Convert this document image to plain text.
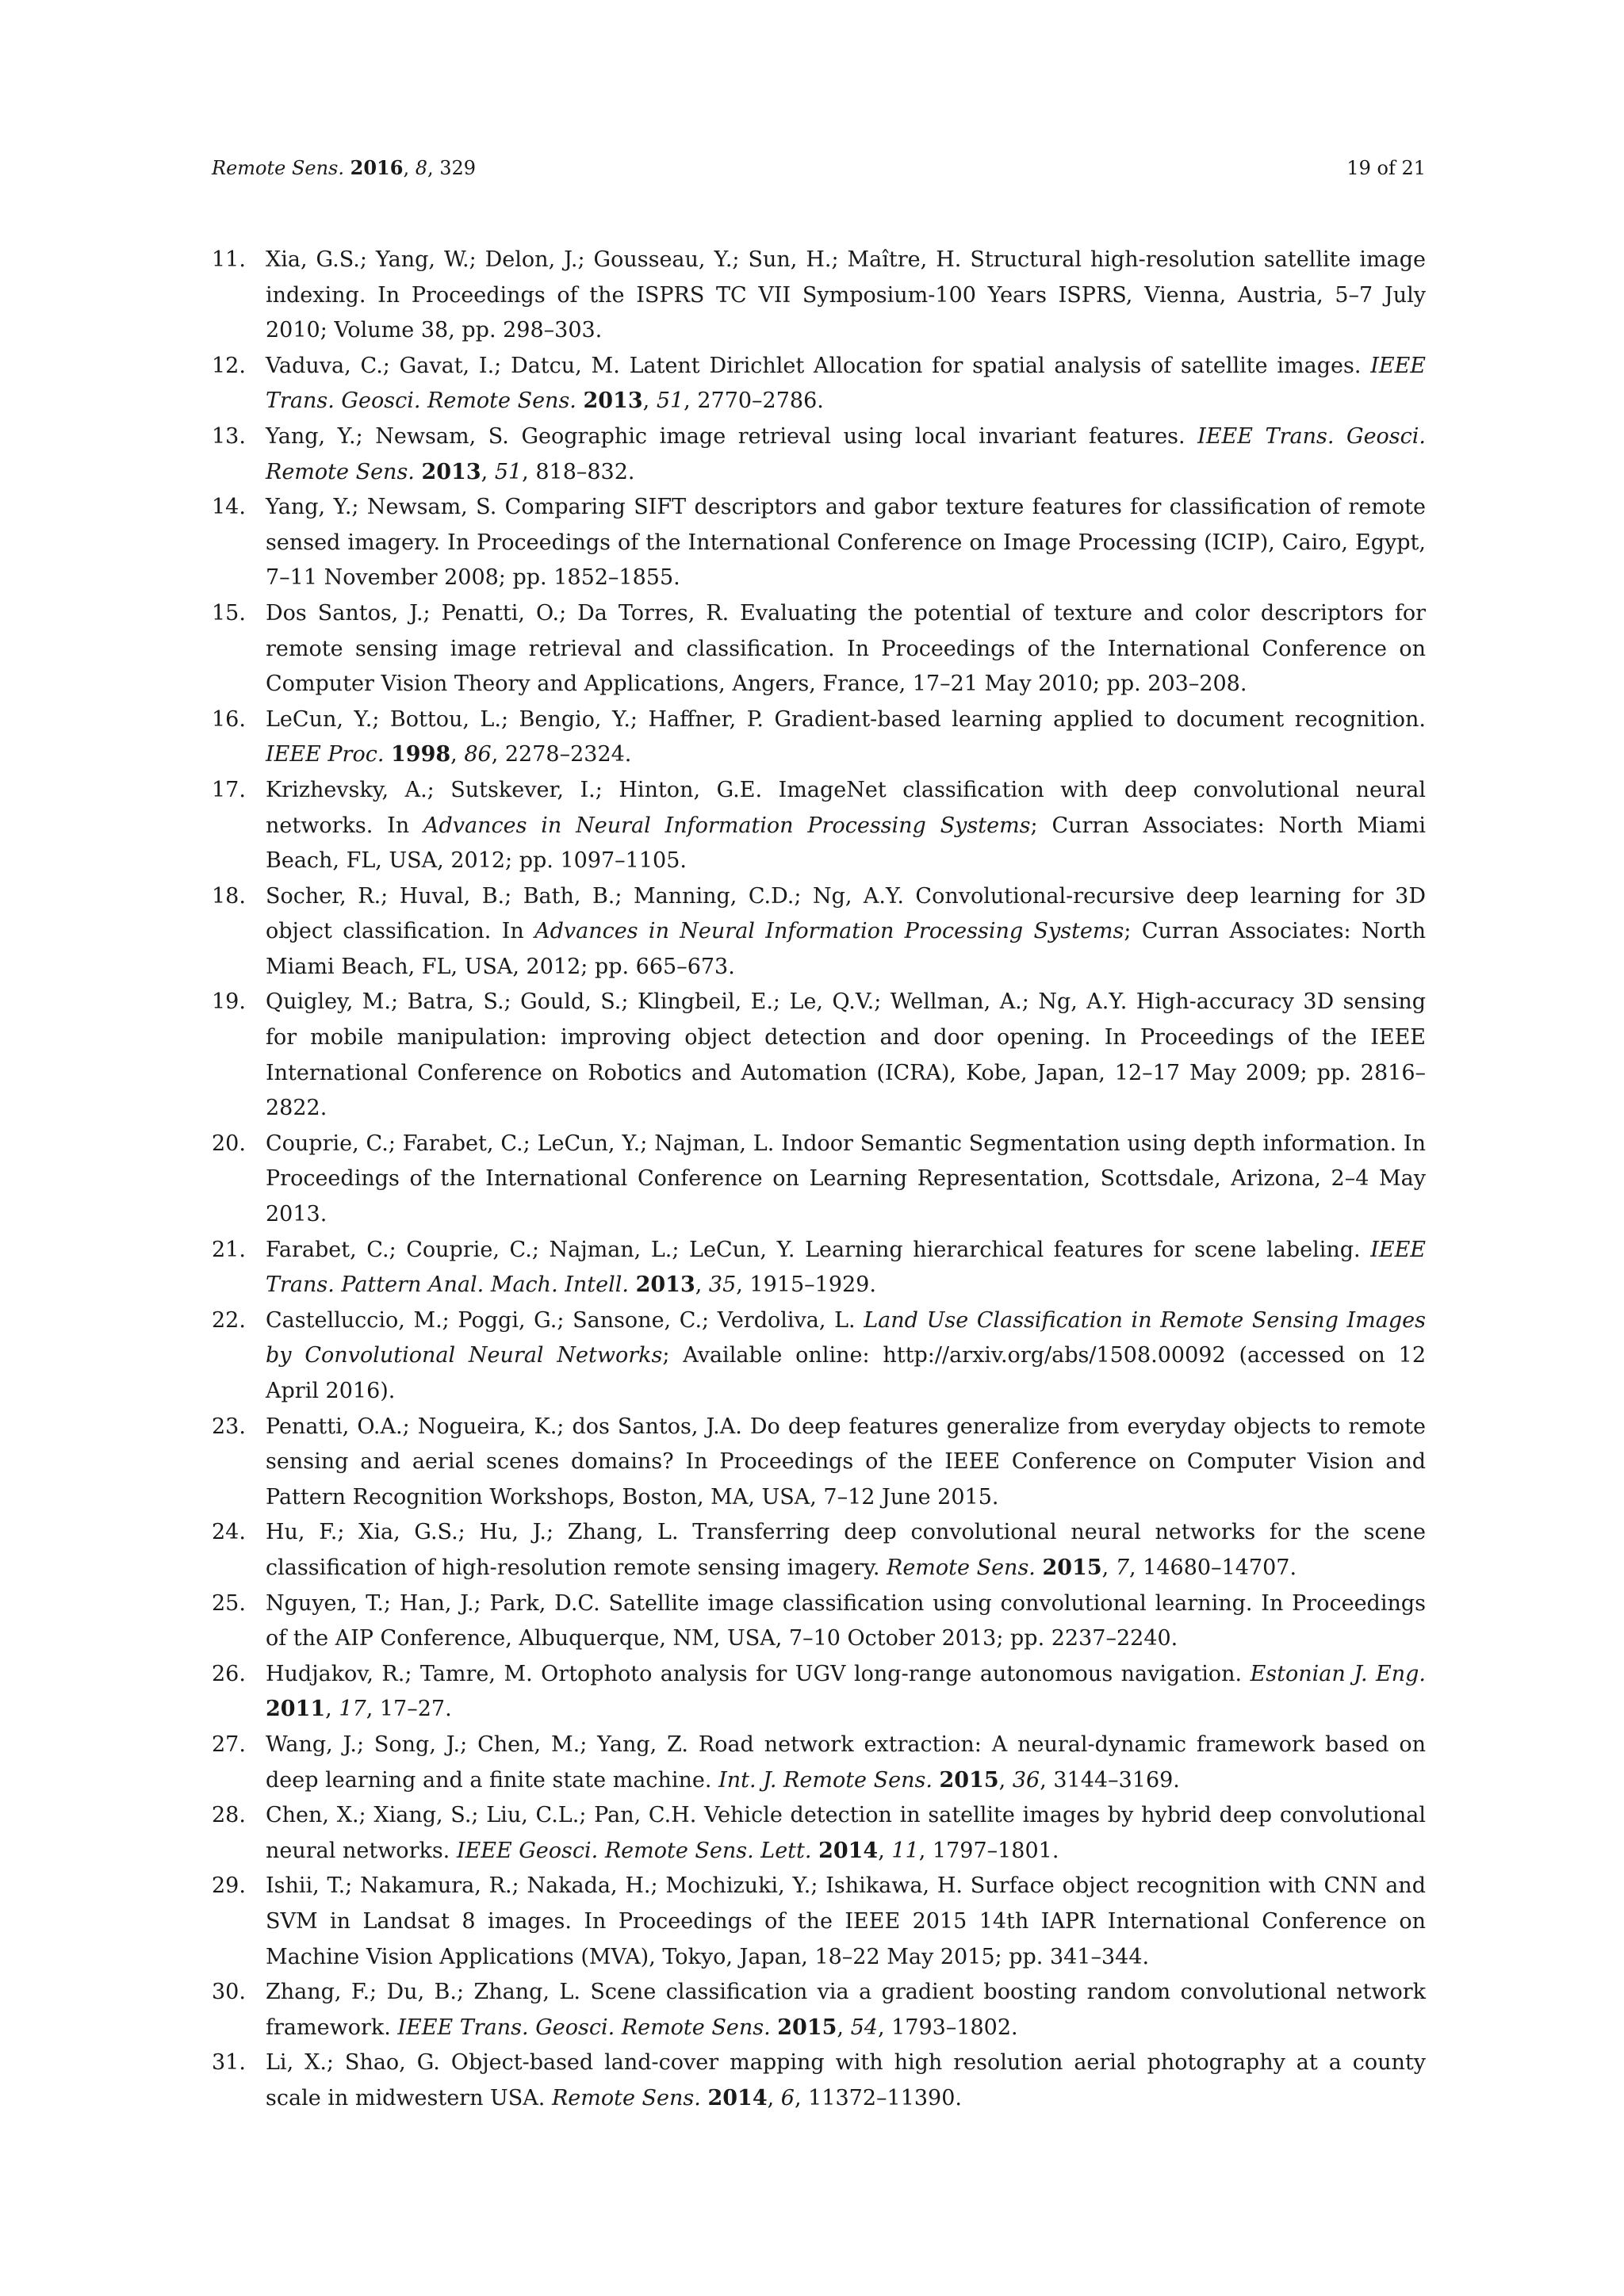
Remote Sens. 2016, 8, 329	19 of 21
11. Xia, G.S.; Yang, W.; Delon, J.; Gousseau, Y.; Sun, H.; Maître, H. Structural high-resolution satellite image indexing. In Proceedings of the ISPRS TC VII Symposium-100 Years ISPRS, Vienna, Austria, 5–7 July 2010; Volume 38, pp. 298–303.
12. Vaduva, C.; Gavat, I.; Datcu, M. Latent Dirichlet Allocation for spatial analysis of satellite images. IEEE Trans. Geosci. Remote Sens. 2013, 51, 2770–2786.
13. Yang, Y.; Newsam, S. Geographic image retrieval using local invariant features. IEEE Trans. Geosci. Remote Sens. 2013, 51, 818–832.
14. Yang, Y.; Newsam, S. Comparing SIFT descriptors and gabor texture features for classification of remote sensed imagery. In Proceedings of the International Conference on Image Processing (ICIP), Cairo, Egypt, 7–11 November 2008; pp. 1852–1855.
15. Dos Santos, J.; Penatti, O.; Da Torres, R. Evaluating the potential of texture and color descriptors for remote sensing image retrieval and classification. In Proceedings of the International Conference on Computer Vision Theory and Applications, Angers, France, 17–21 May 2010; pp. 203–208.
16. LeCun, Y.; Bottou, L.; Bengio, Y.; Haffner, P. Gradient-based learning applied to document recognition. IEEE Proc. 1998, 86, 2278–2324.
17. Krizhevsky, A.; Sutskever, I.; Hinton, G.E. ImageNet classification with deep convolutional neural networks. In Advances in Neural Information Processing Systems; Curran Associates: North Miami Beach, FL, USA, 2012; pp. 1097–1105.
18. Socher, R.; Huval, B.; Bath, B.; Manning, C.D.; Ng, A.Y. Convolutional-recursive deep learning for 3D object classification. In Advances in Neural Information Processing Systems; Curran Associates: North Miami Beach, FL, USA, 2012; pp. 665–673.
19. Quigley, M.; Batra, S.; Gould, S.; Klingbeil, E.; Le, Q.V.; Wellman, A.; Ng, A.Y. High-accuracy 3D sensing for mobile manipulation: improving object detection and door opening. In Proceedings of the IEEE International Conference on Robotics and Automation (ICRA), Kobe, Japan, 12–17 May 2009; pp. 2816–2822.
20. Couprie, C.; Farabet, C.; LeCun, Y.; Najman, L. Indoor Semantic Segmentation using depth information. In Proceedings of the International Conference on Learning Representation, Scottsdale, Arizona, 2–4 May 2013.
21. Farabet, C.; Couprie, C.; Najman, L.; LeCun, Y. Learning hierarchical features for scene labeling. IEEE Trans. Pattern Anal. Mach. Intell. 2013, 35, 1915–1929.
22. Castelluccio, M.; Poggi, G.; Sansone, C.; Verdoliva, L. Land Use Classification in Remote Sensing Images by Convolutional Neural Networks; Available online: http://arxiv.org/abs/1508.00092 (accessed on 12 April 2016).
23. Penatti, O.A.; Nogueira, K.; dos Santos, J.A. Do deep features generalize from everyday objects to remote sensing and aerial scenes domains? In Proceedings of the IEEE Conference on Computer Vision and Pattern Recognition Workshops, Boston, MA, USA, 7–12 June 2015.
24. Hu, F.; Xia, G.S.; Hu, J.; Zhang, L. Transferring deep convolutional neural networks for the scene classification of high-resolution remote sensing imagery. Remote Sens. 2015, 7, 14680–14707.
25. Nguyen, T.; Han, J.; Park, D.C. Satellite image classification using convolutional learning. In Proceedings of the AIP Conference, Albuquerque, NM, USA, 7–10 October 2013; pp. 2237–2240.
26. Hudjakov, R.; Tamre, M. Ortophoto analysis for UGV long-range autonomous navigation. Estonian J. Eng. 2011, 17, 17–27.
27. Wang, J.; Song, J.; Chen, M.; Yang, Z. Road network extraction: A neural-dynamic framework based on deep learning and a finite state machine. Int. J. Remote Sens. 2015, 36, 3144–3169.
28. Chen, X.; Xiang, S.; Liu, C.L.; Pan, C.H. Vehicle detection in satellite images by hybrid deep convolutional neural networks. IEEE Geosci. Remote Sens. Lett. 2014, 11, 1797–1801.
29. Ishii, T.; Nakamura, R.; Nakada, H.; Mochizuki, Y.; Ishikawa, H. Surface object recognition with CNN and SVM in Landsat 8 images. In Proceedings of the IEEE 2015 14th IAPR International Conference on Machine Vision Applications (MVA), Tokyo, Japan, 18–22 May 2015; pp. 341–344.
30. Zhang, F.; Du, B.; Zhang, L. Scene classification via a gradient boosting random convolutional network framework. IEEE Trans. Geosci. Remote Sens. 2015, 54, 1793–1802.
31. Li, X.; Shao, G. Object-based land-cover mapping with high resolution aerial photography at a county scale in midwestern USA. Remote Sens. 2014, 6, 11372–11390.
